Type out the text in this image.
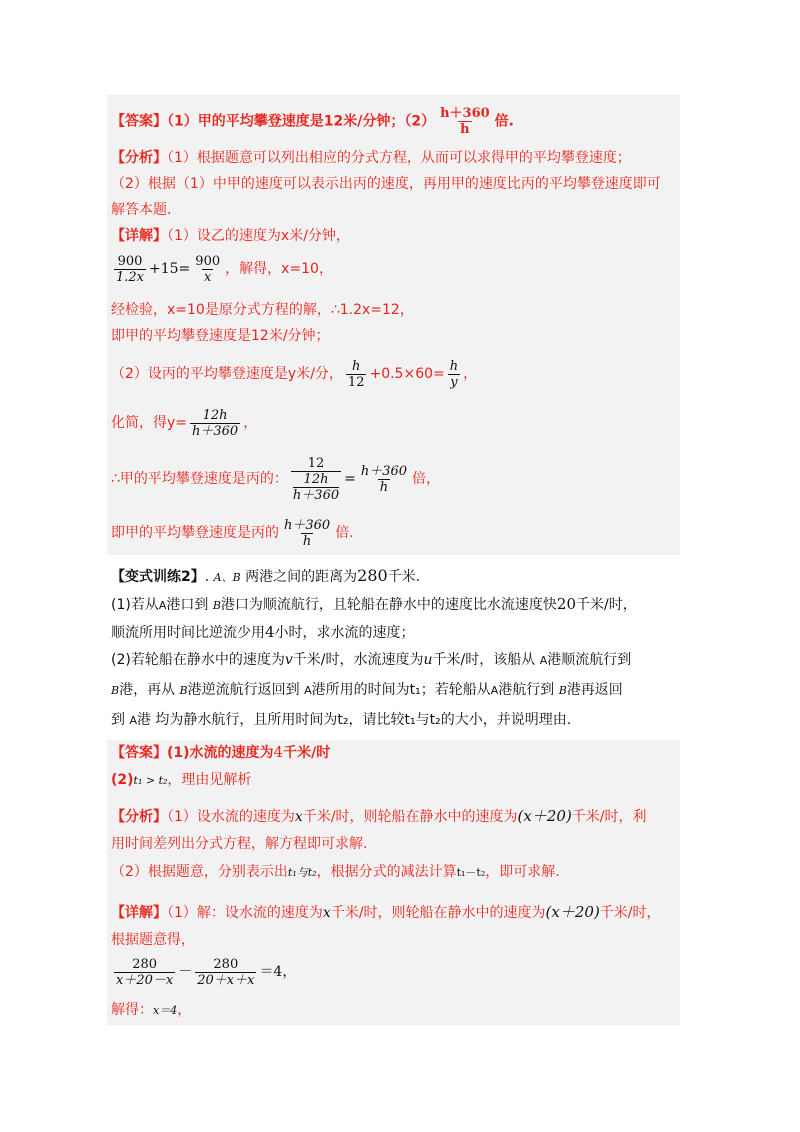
【答案】（1）甲的平均攀登速度是12米/分钟；$(2) \frac{h+360}{h}$ 倍.
【分析】（1）根据题意可以列出相应的分式方程，从而可以求得甲的平均攀登速度；
（2）根据（1）中甲的速度可以表示出丙的速度，再用甲的速度比丙的平均攀登速度即可
解答本题.
【详解】（1）设乙的速度为x米/分钟，
$\frac{900}{1.2x} +15= \frac{900}{x}$ ，解得，x=10，
经检验，x=10是原分式方程的解，∴1.2x=12，
即甲的平均攀登速度是12米/分钟；
（2）设丙的平均攀登速度是y米/分， $\frac{h}{12} +0.5\times 60= \frac{h}{y}$ ，
化简，得$y= \frac{12h}{h+360}$ ，
∴甲的平均攀登速度是丙的： 12
12h
$h+360 = \frac{h+360}{h}$ 倍，
即甲的平均攀登速度是丙的 $\frac{h+360}{h}$ 倍.
【变式训练2】. A、B 两港之间的距离为280千米.
(1)若从A港口到 B港口为顺流航行，且轮船在静水中的速度比水流速度快20千米/时，
顺流所用时间比逆流少用4小时，求水流的速度；
(2)若轮船在静水中的速度为v千米/时，水流速度为u千米/时，该船从 A港顺流航行到
B港，再从 B港逆流航行返回到 A港所用的时间为t₁；若轮船从A港航行到 B港再返回
到 A港 均为静水航行，且所用时间为t₂，请比较t₁与t₂的大小，并说明理由.
【答案】(1)水流的速度为4千米/时
(2)t₁ > t₂，理由见解析
【分析】（1）设水流的速度为x千米/时，则轮船在静水中的速度为(x＋20)千米/时，利
用时间差列出分式方程，解方程即可求解.
（2）根据题意，分别表示出t₁与t₂，根据分式的减法计算t₁－t₂，即可求解.
【详解】（1）解：设水流的速度为x千米/时，则轮船在静水中的速度为(x＋20)千米/时，
根据题意得，
$\frac{280}{x+20-x} - \frac{280}{20+x+x} =4$，
解得：x＝4，
